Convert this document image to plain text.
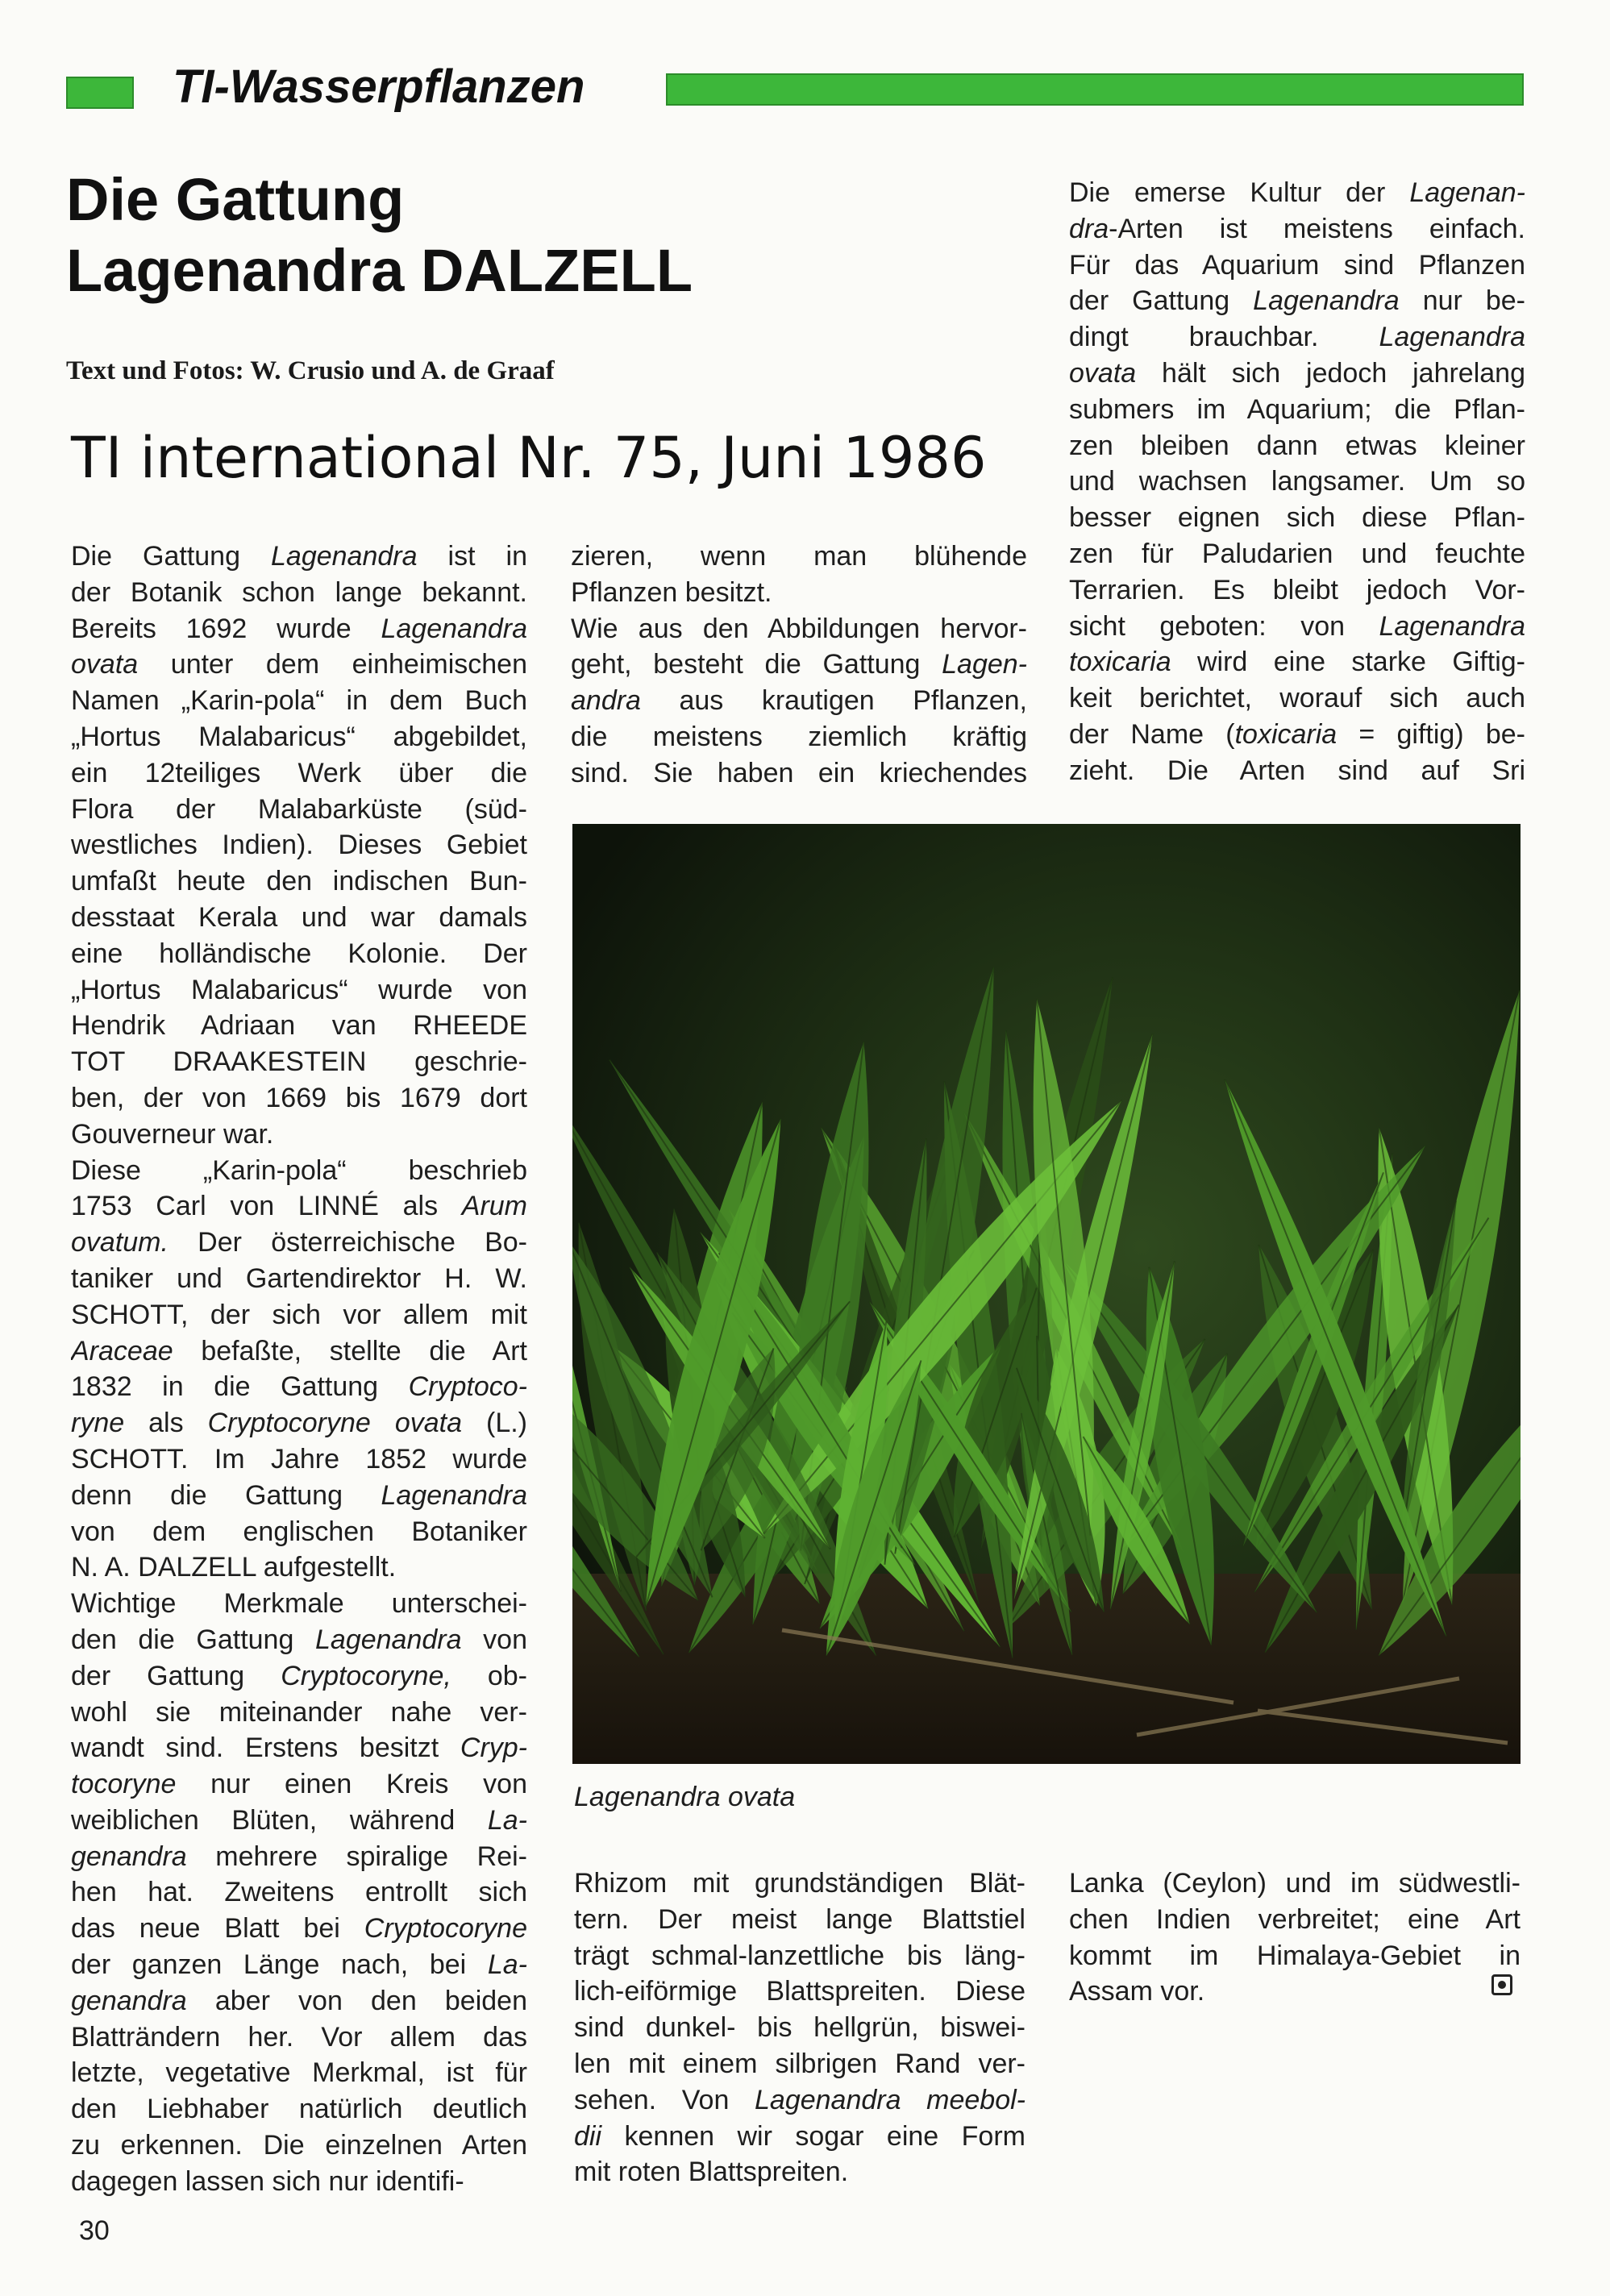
TI-Wasserpflanzen
Die Gattung
Lagenandra DALZELL
Text und Fotos: W. Crusio und A. de Graaf
TI international Nr. 75, Juni 1986
Die Gattung Lagenandra ist in
der Botanik schon lange bekannt.
Bereits 1692 wurde Lagenandra
ovata unter dem einheimischen
Namen „Karin-pola“ in dem Buch
„Hortus Malabaricus“ abgebildet,
ein 12teiliges Werk über die
Flora der Malabarküste (süd-
westliches Indien). Dieses Gebiet
umfaßt heute den indischen Bun-
desstaat Kerala und war damals
eine holländische Kolonie. Der
„Hortus Malabaricus“ wurde von
Hendrik Adriaan van RHEEDE
TOT DRAAKESTEIN geschrie-
ben, der von 1669 bis 1679 dort
Gouverneur war.
Diese „Karin-pola“ beschrieb
1753 Carl von LINNÉ als Arum
ovatum. Der österreichische Bo-
taniker und Gartendirektor H. W.
SCHOTT, der sich vor allem mit
Araceae befaßte, stellte die Art
1832 in die Gattung Cryptoco-
ryne als Cryptocoryne ovata (L.)
SCHOTT. Im Jahre 1852 wurde
denn die Gattung Lagenandra
von dem englischen Botaniker
N. A. DALZELL aufgestellt.
Wichtige Merkmale unterschei-
den die Gattung Lagenandra von
der Gattung Cryptocoryne, ob-
wohl sie miteinander nahe ver-
wandt sind. Erstens besitzt Cryp-
tocoryne nur einen Kreis von
weiblichen Blüten, während La-
genandra mehrere spiralige Rei-
hen hat. Zweitens entrollt sich
das neue Blatt bei Cryptocoryne
der ganzen Länge nach, bei La-
genandra aber von den beiden
Blatträndern her. Vor allem das
letzte, vegetative Merkmal, ist für
den Liebhaber natürlich deutlich
zu erkennen. Die einzelnen Arten
dagegen lassen sich nur identifi-
zieren, wenn man blühende
Pflanzen besitzt.
Wie aus den Abbildungen hervor-
geht, besteht die Gattung Lagen-
andra aus krautigen Pflanzen,
die meistens ziemlich kräftig
sind. Sie haben ein kriechendes
Die emerse Kultur der Lagenan-
dra-Arten ist meistens einfach.
Für das Aquarium sind Pflanzen
der Gattung Lagenandra nur be-
dingt brauchbar. Lagenandra
ovata hält sich jedoch jahrelang
submers im Aquarium; die Pflan-
zen bleiben dann etwas kleiner
und wachsen langsamer. Um so
besser eignen sich diese Pflan-
zen für Paludarien und feuchte
Terrarien. Es bleibt jedoch Vor-
sicht geboten: von Lagenandra
toxicaria wird eine starke Giftig-
keit berichtet, worauf sich auch
der Name (toxicaria = giftig) be-
zieht. Die Arten sind auf Sri
Rhizom mit grundständigen Blät-
tern. Der meist lange Blattstiel
trägt schmal-lanzettliche bis läng-
lich-eiförmige Blattspreiten. Diese
sind dunkel- bis hellgrün, biswei-
len mit einem silbrigen Rand ver-
sehen. Von Lagenandra meebol-
dii kennen wir sogar eine Form
mit roten Blattspreiten.
Lanka (Ceylon) und im südwestli-
chen Indien verbreitet; eine Art
kommt im Himalaya-Gebiet in
Assam vor.
Lagenandra ovata
30
